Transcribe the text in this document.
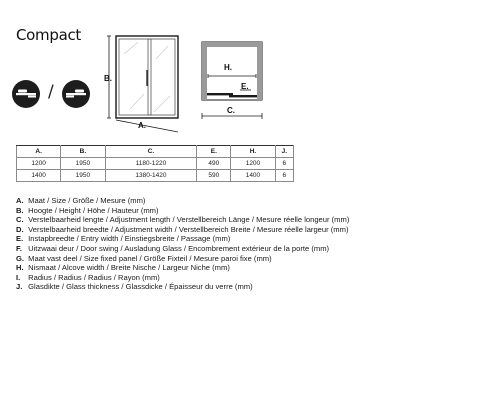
Compact
/
B.
A.
H.
E.
C.
A.	B.	C.	E.	H.	J.
1200	1950	1180-1220	490	1200	6
1400	1950	1380-1420	590	1400	6
A. Maat / Size / Größe / Mesure (mm)
B. Hoogte / Height / Höhe / Hauteur (mm)
C. Verstelbaarheid lengte / Adjustment length / Verstellbereich Länge / Mesure réelle longeur (mm)
D. Verstelbaarheid breedte / Adjustment width / Verstellbereich Breite / Mesure réelle largeur (mm)
E. Instapbreedte / Entry width / Einstiegsbreite / Passage (mm)
F. Uitzwaai deur / Door swing / Ausladung Glass / Encombrement extérieur de la porte (mm)
G. Maat vast deel / Size fixed panel / Größe Fixteil / Mesure paroi fixe (mm)
H. Nismaat / Alcove width / Breite Nische / Largeur Niche (mm)
I. Radius / Radius / Radius / Rayon (mm)
J. Glasdikte / Glass thickness / Glassdicke / Épaisseur du verre (mm)
